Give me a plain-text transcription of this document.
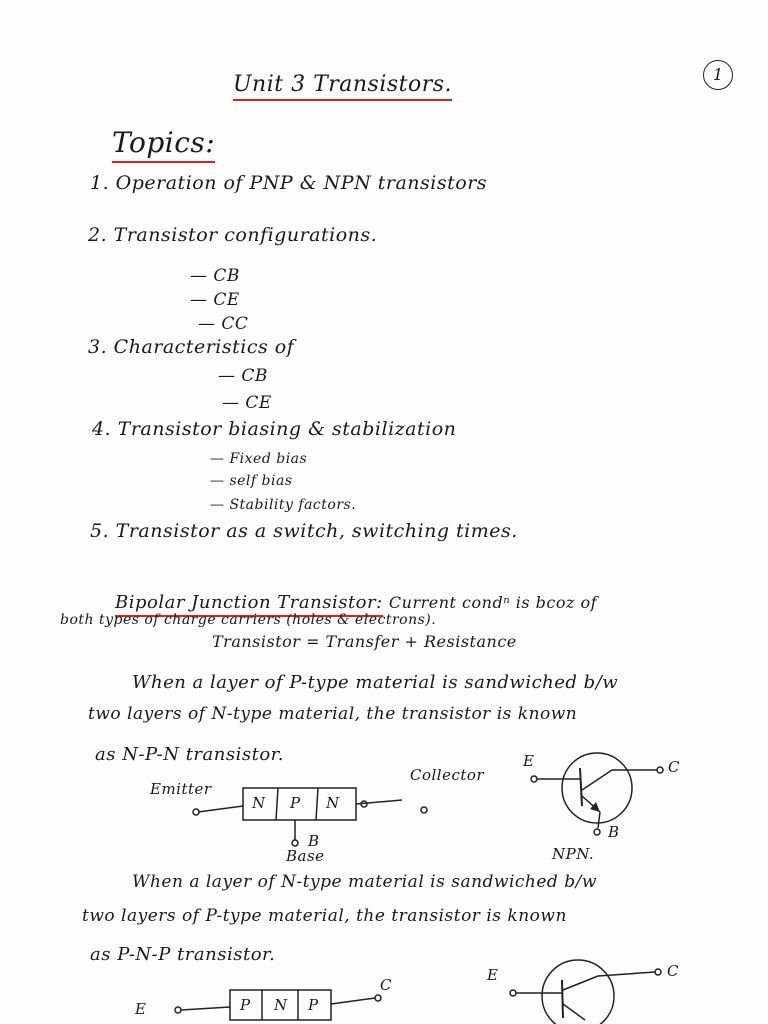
Unit 3 Transistors.	1
Topics:
1. Operation of PNP & NPN transistors
2. Transistor configurations.
— CB
— CE
— CC
3. Characteristics of
— CB
— CE
4. Transistor biasing & stabilization
— Fixed bias
— self bias
— Stability factors.
5. Transistor as a switch, switching times.
Bipolar Junction Transistor: Current condⁿ is bcoz of
both types of charge carriers (holes & electrons).
Transistor = Transfer + Resistance
When a layer of P-type material is sandwiched b/w
two layers of N-type material, the transistor is known
as N-P-N transistor.
Emitter
Collector
N P N
B
Base
E	C
B
NPN.
When a layer of N-type material is sandwiched b/w
two layers of P-type material, the transistor is known
as P-N-P transistor.
E
C
P N P
E	C
